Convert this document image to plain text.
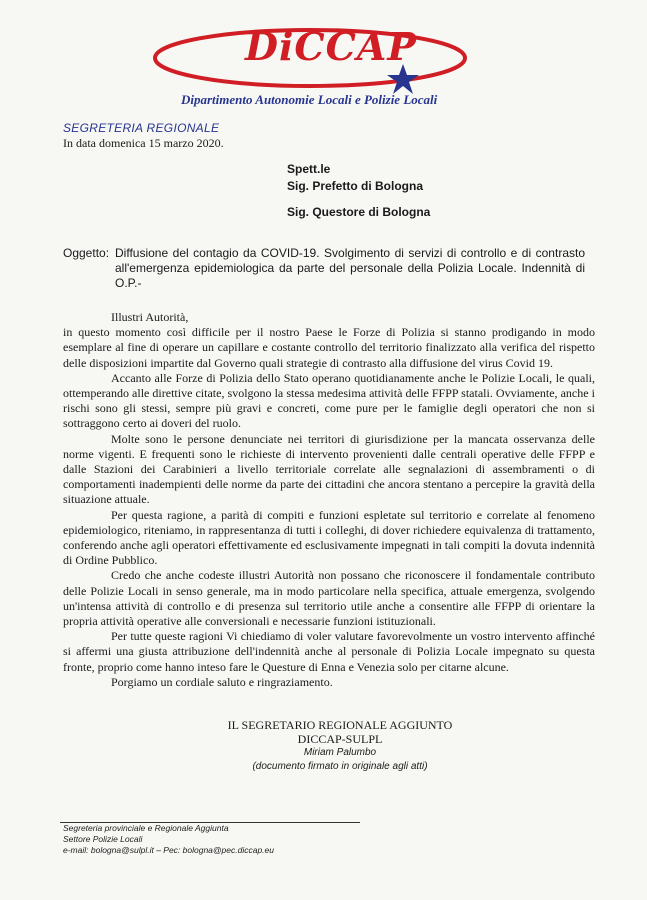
DiCCAP
Dipartimento Autonomie Locali e Polizie Locali
SEGRETERIA REGIONALE
In data domenica 15 marzo 2020.
Spett.le
Sig. Prefetto di Bologna
Sig. Questore di Bologna
Oggetto: Diffusione del contagio da COVID-19. Svolgimento di servizi di controllo e di contrasto all'emergenza epidemiologica da parte del personale della Polizia Locale. Indennità di O.P.-

Illustri Autorità,

in questo momento così difficile per il nostro Paese le Forze di Polizia si stanno prodigando in modo esemplare al fine di operare un capillare e costante controllo del territorio finalizzato alla verifica del rispetto delle disposizioni impartite dal Governo quali strategie di contrasto alla diffusione del virus Covid 19.

Accanto alle Forze di Polizia dello Stato operano quotidianamente anche le Polizie Locali, le quali, ottemperando alle direttive citate, svolgono la stessa medesima attività delle FFPP statali. Ovviamente, anche i rischi sono gli stessi, sempre più gravi e concreti, come pure per le famiglie degli operatori che non si sottraggono certo ai doveri del ruolo.

Molte sono le persone denunciate nei territori di giurisdizione per la mancata osservanza delle norme vigenti. E frequenti sono le richieste di intervento provenienti dalle centrali operative delle FFPP e dalle Stazioni dei Carabinieri a livello territoriale correlate alle segnalazioni di assembramenti o di comportamenti inadempienti delle norme da parte dei cittadini che ancora stentano a percepire la gravità della situazione attuale.

Per questa ragione, a parità di compiti e funzioni espletate sul territorio e correlate al fenomeno epidemiologico, riteniamo, in rappresentanza di tutti i colleghi, di dover richiedere equivalenza di trattamento, conferendo anche agli operatori effettivamente ed esclusivamente impegnati in tali compiti la dovuta indennità di Ordine Pubblico.

Credo che anche codeste illustri Autorità non possano che riconoscere il fondamentale contributo delle Polizie Locali in senso generale, ma in modo particolare nella specifica, attuale emergenza, svolgendo un'intensa attività di controllo e di presenza sul territorio utile anche a consentire alle FFPP di orientare la propria attività operative alle conversionali e necessarie funzioni istituzionali.

Per tutte queste ragioni Vi chiediamo di voler valutare favorevolmente un vostro intervento affinché si affermi una giusta attribuzione dell'indennità anche al personale di Polizia Locale impegnato su questa fronte, proprio come hanno inteso fare le Questure di Enna e Venezia solo per citarne alcune.

Porgiamo un cordiale saluto e ringraziamento.

IL SEGRETARIO REGIONALE AGGIUNTO
DICCAP-SULPL
Miriam Palumbo
(documento firmato in originale agli atti)
Segreteria provinciale e Regionale Aggiunta
Settore Polizie Locali
e-mail: bologna@sulpl.it – Pec: bologna@pec.diccap.eu
